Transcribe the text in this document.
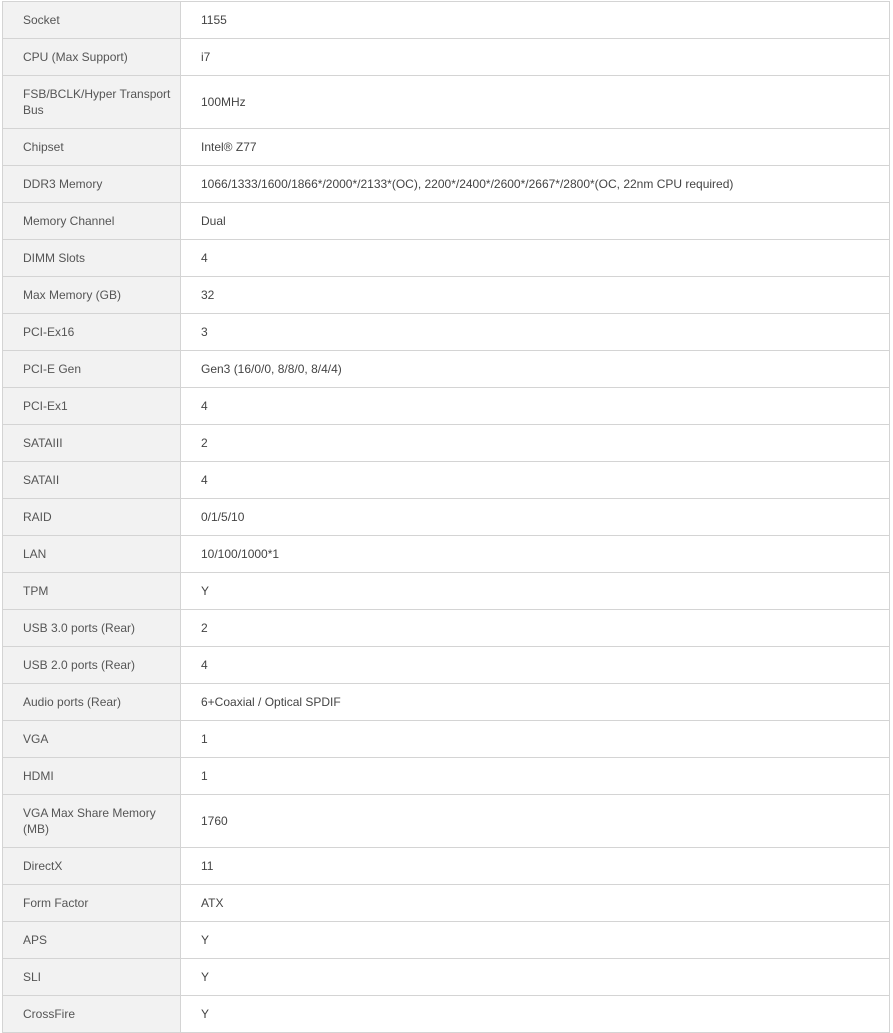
Socket	1155
CPU (Max Support)	i7
FSB/BCLK/Hyper Transport Bus	100MHz
Chipset	Intel® Z77
DDR3 Memory	1066/1333/1600/1866*/2000*/2133*(OC), 2200*/2400*/2600*/2667*/2800*(OC, 22nm CPU required)
Memory Channel	Dual
DIMM Slots	4
Max Memory (GB)	32
PCI-Ex16	3
PCI-E Gen	Gen3 (16/0/0, 8/8/0, 8/4/4)
PCI-Ex1	4
SATAIII	2
SATAII	4
RAID	0/1/5/10
LAN	10/100/1000*1
TPM	Y
USB 3.0 ports (Rear)	2
USB 2.0 ports (Rear)	4
Audio ports (Rear)	6+Coaxial / Optical SPDIF
VGA	1
HDMI	1
VGA Max Share Memory (MB)	1760
DirectX	11
Form Factor	ATX
APS	Y
SLI	Y
CrossFire	Y
